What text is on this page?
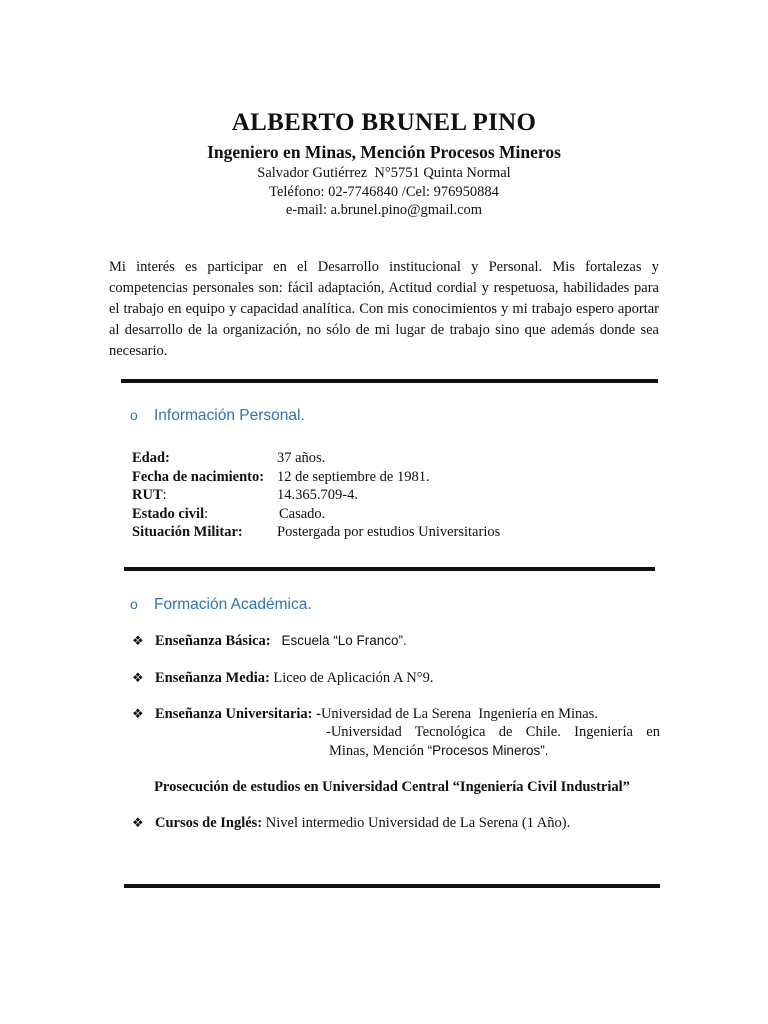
ALBERTO BRUNEL PINO
Ingeniero en Minas, Mención Procesos Mineros
Salvador Gutiérrez  N°5751 Quinta Normal
Teléfono: 02-7746840 /Cel: 976950884
e-mail: a.brunel.pino@gmail.com
Mi interés es participar en el Desarrollo institucional y Personal. Mis fortalezas y competencias personales son: fácil adaptación, Actitud cordial y respetuosa, habilidades para el trabajo en equipo y capacidad analítica. Con mis conocimientos y mi trabajo espero aportar al desarrollo de la organización, no sólo de mi lugar de trabajo sino que además donde sea necesario.
o Información Personal.
Edad:	37 años.
Fecha de nacimiento: 12 de septiembre de 1981.
RUT:	14.365.709-4.
Estado civil:	Casado.
Situación Militar: Postergada por estudios Universitarios
o Formación Académica.
❖ Enseñanza Básica: Escuela “Lo Franco”.
❖ Enseñanza Media: Liceo de Aplicación A N°9.
❖ Enseñanza Universitaria: -Universidad de La Serena  Ingeniería en Minas.
-Universidad Tecnológica de Chile. Ingeniería en
Minas, Mención “Procesos Mineros”.
Prosecución de estudios en Universidad Central “Ingeniería Civil Industrial”
❖ Cursos de Inglés: Nivel intermedio Universidad de La Serena (1 Año).
